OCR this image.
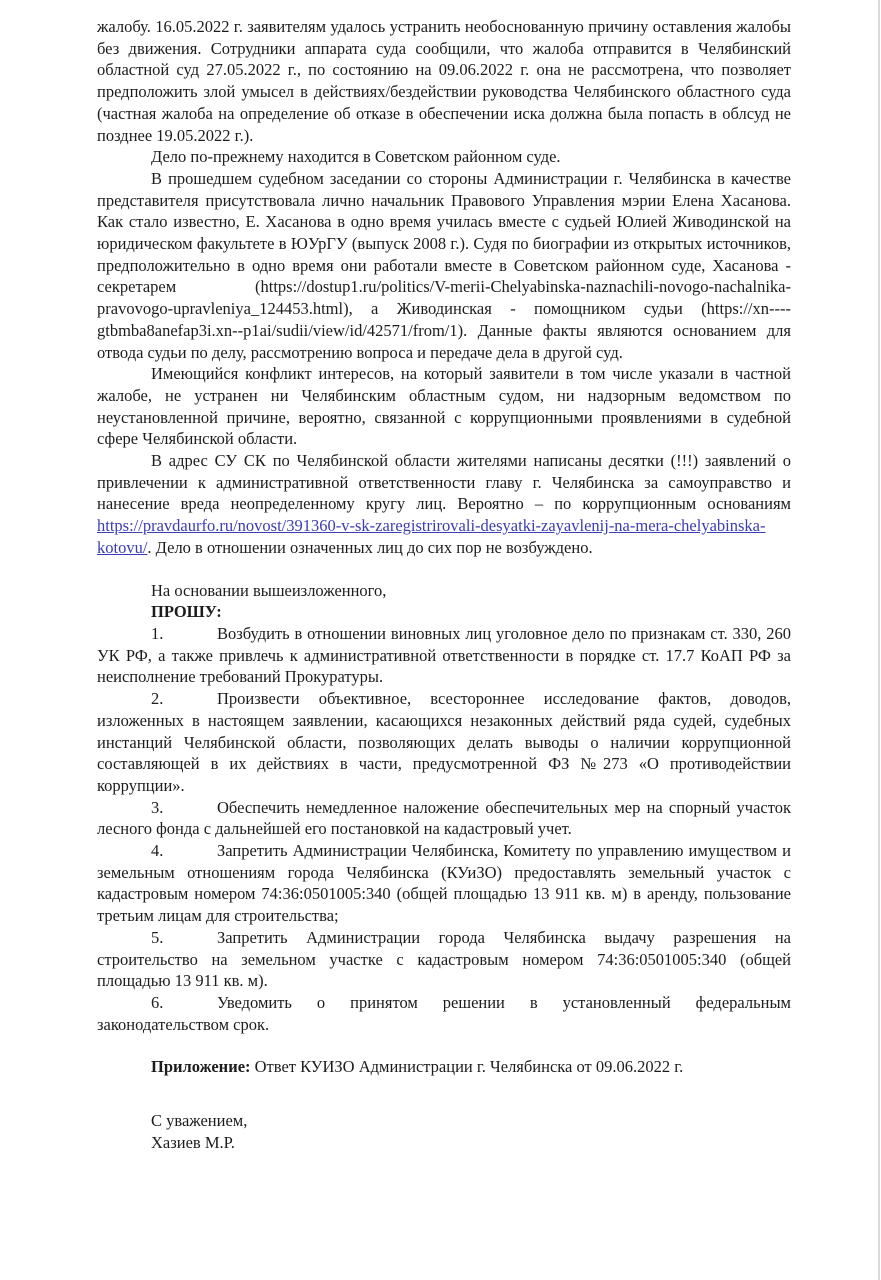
жалобу. 16.05.2022 г. заявителям удалось устранить необоснованную причину оставления жалобы без движения. Сотрудники аппарата суда сообщили, что жалоба отправится в Челябинский областной суд 27.05.2022 г., по состоянию на 09.06.2022 г. она не рассмотрена, что позволяет предположить злой умысел в действиях/бездействии руководства Челябинского областного суда (частная жалоба на определение об отказе в обеспечении иска должна была попасть в облсуд не позднее 19.05.2022 г.).

Дело по-прежнему находится в Советском районном суде.

В прошедшем судебном заседании со стороны Администрации г. Челябинска в качестве представителя присутствовала лично начальник Правового Управления мэрии Елена Хасанова. Как стало известно, Е. Хасанова в одно время училась вместе с судьей Юлией Живодинской на юридическом факультете в ЮУрГУ (выпуск 2008 г.). Судя по биографии из открытых источников, предположительно в одно время они работали вместе в Советском районном суде, Хасанова - секретарем (https://dostup1.ru/politics/V-merii-Chelyabinska-naznachili-novogo-nachalnika-pravovogo-upravleniya_124453.html), а Живодинская - помощником судьи (https://xn----gtbmba8anefap3i.xn--p1ai/sudii/view/id/42571/from/1). Данные факты являются основанием для отвода судьи по делу, рассмотрению вопроса и передаче дела в другой суд.

Имеющийся конфликт интересов, на который заявители в том числе указали в частной жалобе, не устранен ни Челябинским областным судом, ни надзорным ведомством по неустановленной причине, вероятно, связанной с коррупционными проявлениями в судебной сфере Челябинской области.

В адрес СУ СК по Челябинской области жителями написаны десятки (!!!) заявлений о привлечении к административной ответственности главу г. Челябинска за самоуправство и нанесение вреда неопределенному кругу лиц. Вероятно – по коррупционным основаниям https://pravdaurfo.ru/novost/391360-v-sk-zaregistrirovali-desyatki-zayavlenij-na-mera-chelyabinska-kotovu/. Дело в отношении означенных лиц до сих пор не возбуждено.

На основании вышеизложенного,

ПРОШУ:

1.	Возбудить в отношении виновных лиц уголовное дело по признакам ст. 330, 260 УК РФ, а также привлечь к административной ответственности в порядке ст. 17.7 КоАП РФ за неисполнение требований Прокуратуры.

2.	Произвести объективное, всестороннее исследование фактов, доводов, изложенных в настоящем заявлении, касающихся незаконных действий ряда судей, судебных инстанций Челябинской области, позволяющих делать выводы о наличии коррупционной составляющей в их действиях в части, предусмотренной ФЗ №273 «О противодействии коррупции».

3.	Обеспечить немедленное наложение обеспечительных мер на спорный участок лесного фонда с дальнейшей его постановкой на кадастровый учет.

4.	Запретить Администрации Челябинска, Комитету по управлению имуществом и земельным отношениям города Челябинска (КУиЗО) предоставлять земельный участок с кадастровым номером 74:36:0501005:340 (общей площадью 13 911 кв. м) в аренду, пользование третьим лицам для строительства;

5.	Запретить Администрации города Челябинска выдачу разрешения на строительство на земельном участке с кадастровым номером 74:36:0501005:340 (общей площадью 13 911 кв. м).

6.	Уведомить о принятом решении в установленный федеральным законодательством срок.

Приложение: Ответ КУИЗО Администрации г. Челябинска от 09.06.2022 г.

С уважением,

Хазиев М.Р.
